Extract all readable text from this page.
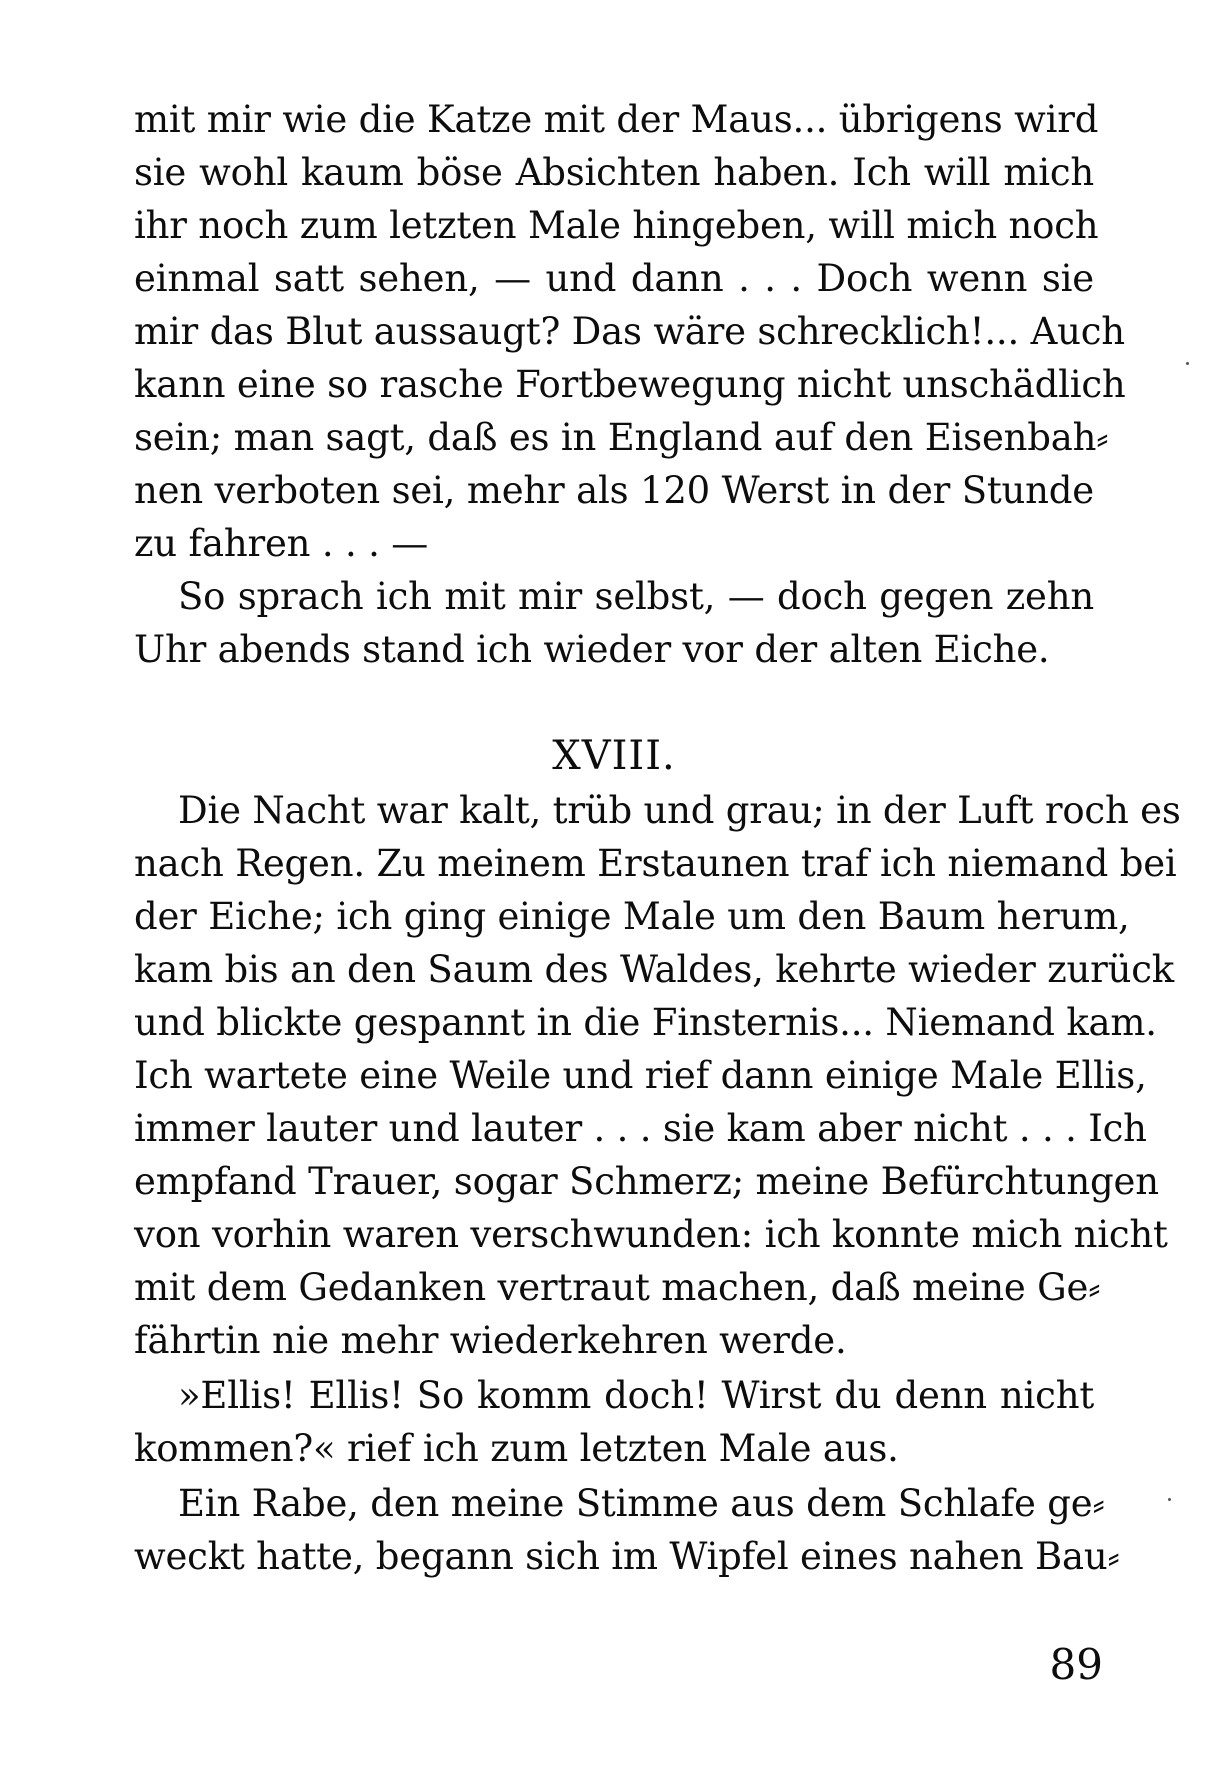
mit mir wie die Katze mit der Maus... übrigens wird
sie wohl kaum böse Absichten haben. Ich will mich
ihr noch zum letzten Male hingeben, will mich noch
einmal satt sehen, — und dann . . . Doch wenn sie
mir das Blut aussaugt? Das wäre schrecklich!... Auch
kann eine so rasche Fortbewegung nicht unschädlich
sein; man sagt, daß es in England auf den Eisenbah⸗
nen verboten sei, mehr als 120 Werst in der Stunde
zu fahren . . . —
So sprach ich mit mir selbst, — doch gegen zehn
Uhr abends stand ich wieder vor der alten Eiche.
XVIII.
Die Nacht war kalt, trüb und grau; in der Luft roch es
nach Regen. Zu meinem Erstaunen traf ich niemand bei
der Eiche; ich ging einige Male um den Baum herum,
kam bis an den Saum des Waldes, kehrte wieder zurück
und blickte gespannt in die Finsternis... Niemand kam.
Ich wartete eine Weile und rief dann einige Male Ellis,
immer lauter und lauter . . . sie kam aber nicht . . . Ich
empfand Trauer, sogar Schmerz; meine Befürchtungen
von vorhin waren verschwunden: ich konnte mich nicht
mit dem Gedanken vertraut machen, daß meine Ge⸗
fährtin nie mehr wiederkehren werde.
»Ellis! Ellis! So komm doch! Wirst du denn nicht
kommen?« rief ich zum letzten Male aus.
Ein Rabe, den meine Stimme aus dem Schlafe ge⸗
weckt hatte, begann sich im Wipfel eines nahen Bau⸗
89
